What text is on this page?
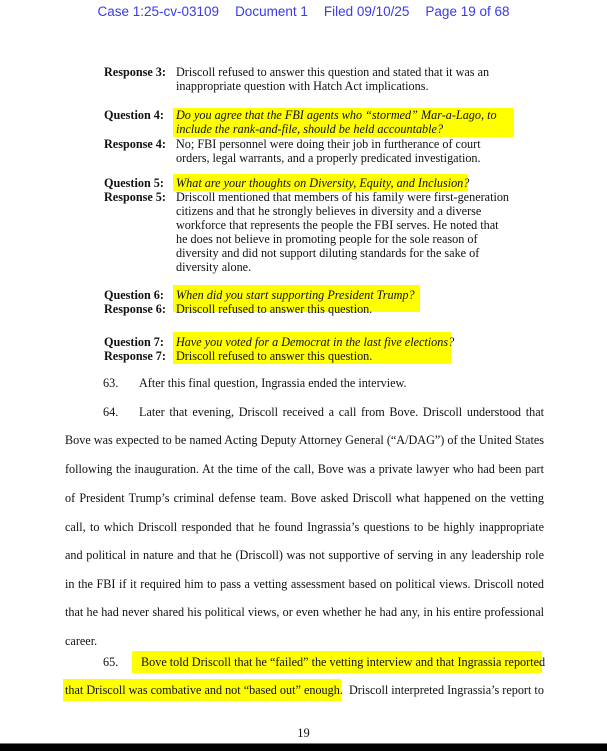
Case 1:25-cv-03109 Document 1 Filed 09/10/25 Page 19 of 68
Response 3: Driscoll refused to answer this question and stated that it was an
inappropriate question with Hatch Act implications.
Question 4: Do you agree that the FBI agents who “stormed” Mar-a-Lago, to
include the rank-and-file, should be held accountable?
Response 4: No; FBI personnel were doing their job in furtherance of court
orders, legal warrants, and a properly predicated investigation.
Question 5: What are your thoughts on Diversity, Equity, and Inclusion?
Response 5: Driscoll mentioned that members of his family were first-generation
citizens and that he strongly believes in diversity and a diverse
workforce that represents the people the FBI serves. He noted that
he does not believe in promoting people for the sole reason of
diversity and did not support diluting standards for the sake of
diversity alone.
Question 6: When did you start supporting President Trump?
Response 6: Driscoll refused to answer this question.
Question 7: Have you voted for a Democrat in the last five elections?
Response 7: Driscoll refused to answer this question.
63. After this final question, Ingrassia ended the interview.
64. Later that evening, Driscoll received a call from Bove. Driscoll understood that
Bove was expected to be named Acting Deputy Attorney General (“A/DAG”) of the United States
following the inauguration. At the time of the call, Bove was a private lawyer who had been part
of President Trump’s criminal defense team. Bove asked Driscoll what happened on the vetting
call, to which Driscoll responded that he found Ingrassia’s questions to be highly inappropriate
and political in nature and that he (Driscoll) was not supportive of serving in any leadership role
in the FBI if it required him to pass a vetting assessment based on political views. Driscoll noted
that he had never shared his political views, or even whether he had any, in his entire professional
career.
65. Bove told Driscoll that he “failed” the vetting interview and that Ingrassia reported
that Driscoll was combative and not “based out” enough.  Driscoll interpreted Ingrassia’s report to
19
